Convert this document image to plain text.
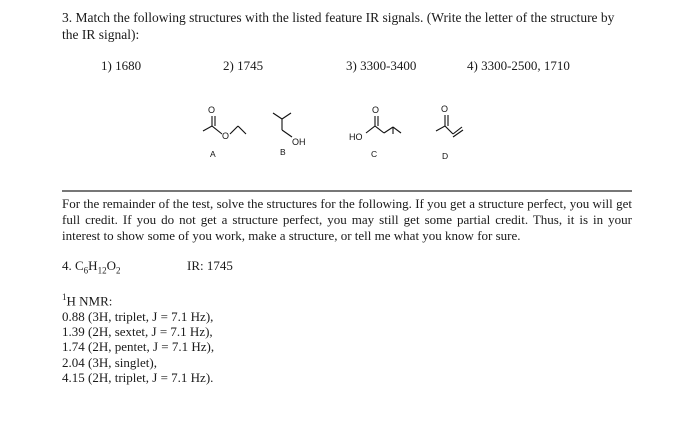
3. Match the following structures with the listed feature IR signals. (Write the letter of the structure by
the IR signal):
1) 1680	2) 1745	3) 3300-3400	4) 3300-2500, 1710
O
O
A
OH
B
O
HO
C
O
D
For the remainder of the test, solve the structures for the following. If you get a structure perfect, you will get full credit. If you do not get a structure perfect, you may still get some partial credit. Thus, it is in your interest to show some of you work, make a structure, or tell me what you know for sure.
4. $C_6H_{12}O_2$	IR: 1745
$^1$H NMR:
0.88 (3H, triplet, J = 7.1 Hz),
1.39 (2H, sextet, J = 7.1 Hz),
1.74 (2H, pentet, J = 7.1 Hz),
2.04 (3H, singlet),
4.15 (2H, triplet, J = 7.1 Hz).
